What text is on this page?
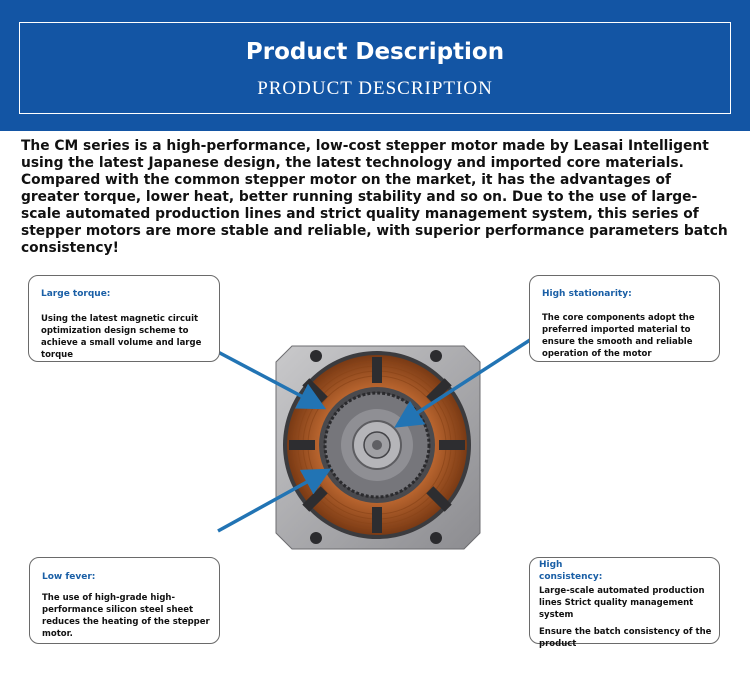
Product Description
PRODUCT DESCRIPTION
The CM series is a high-performance, low-cost stepper motor made by Leasai Intelligent using the latest Japanese design, the latest technology and imported core materials. Compared with the common stepper motor on the market, it has the advantages of greater torque, lower heat, better running stability and so on. Due to the use of large-scale automated production lines and strict quality management system, this series of stepper motors are more stable and reliable, with superior performance parameters batch consistency!
Large torque:
Using the latest magnetic circuit optimization design scheme to achieve a small volume and large torque
High stationarity:
The core components adopt the preferred imported material to ensure the smooth and reliable operation of the motor
Low fever:
The use of high-grade high-performance silicon steel sheet reduces the heating of the stepper motor.
High consistency:
Large-scale automated production lines Strict quality management system
Ensure the batch consistency of the product
